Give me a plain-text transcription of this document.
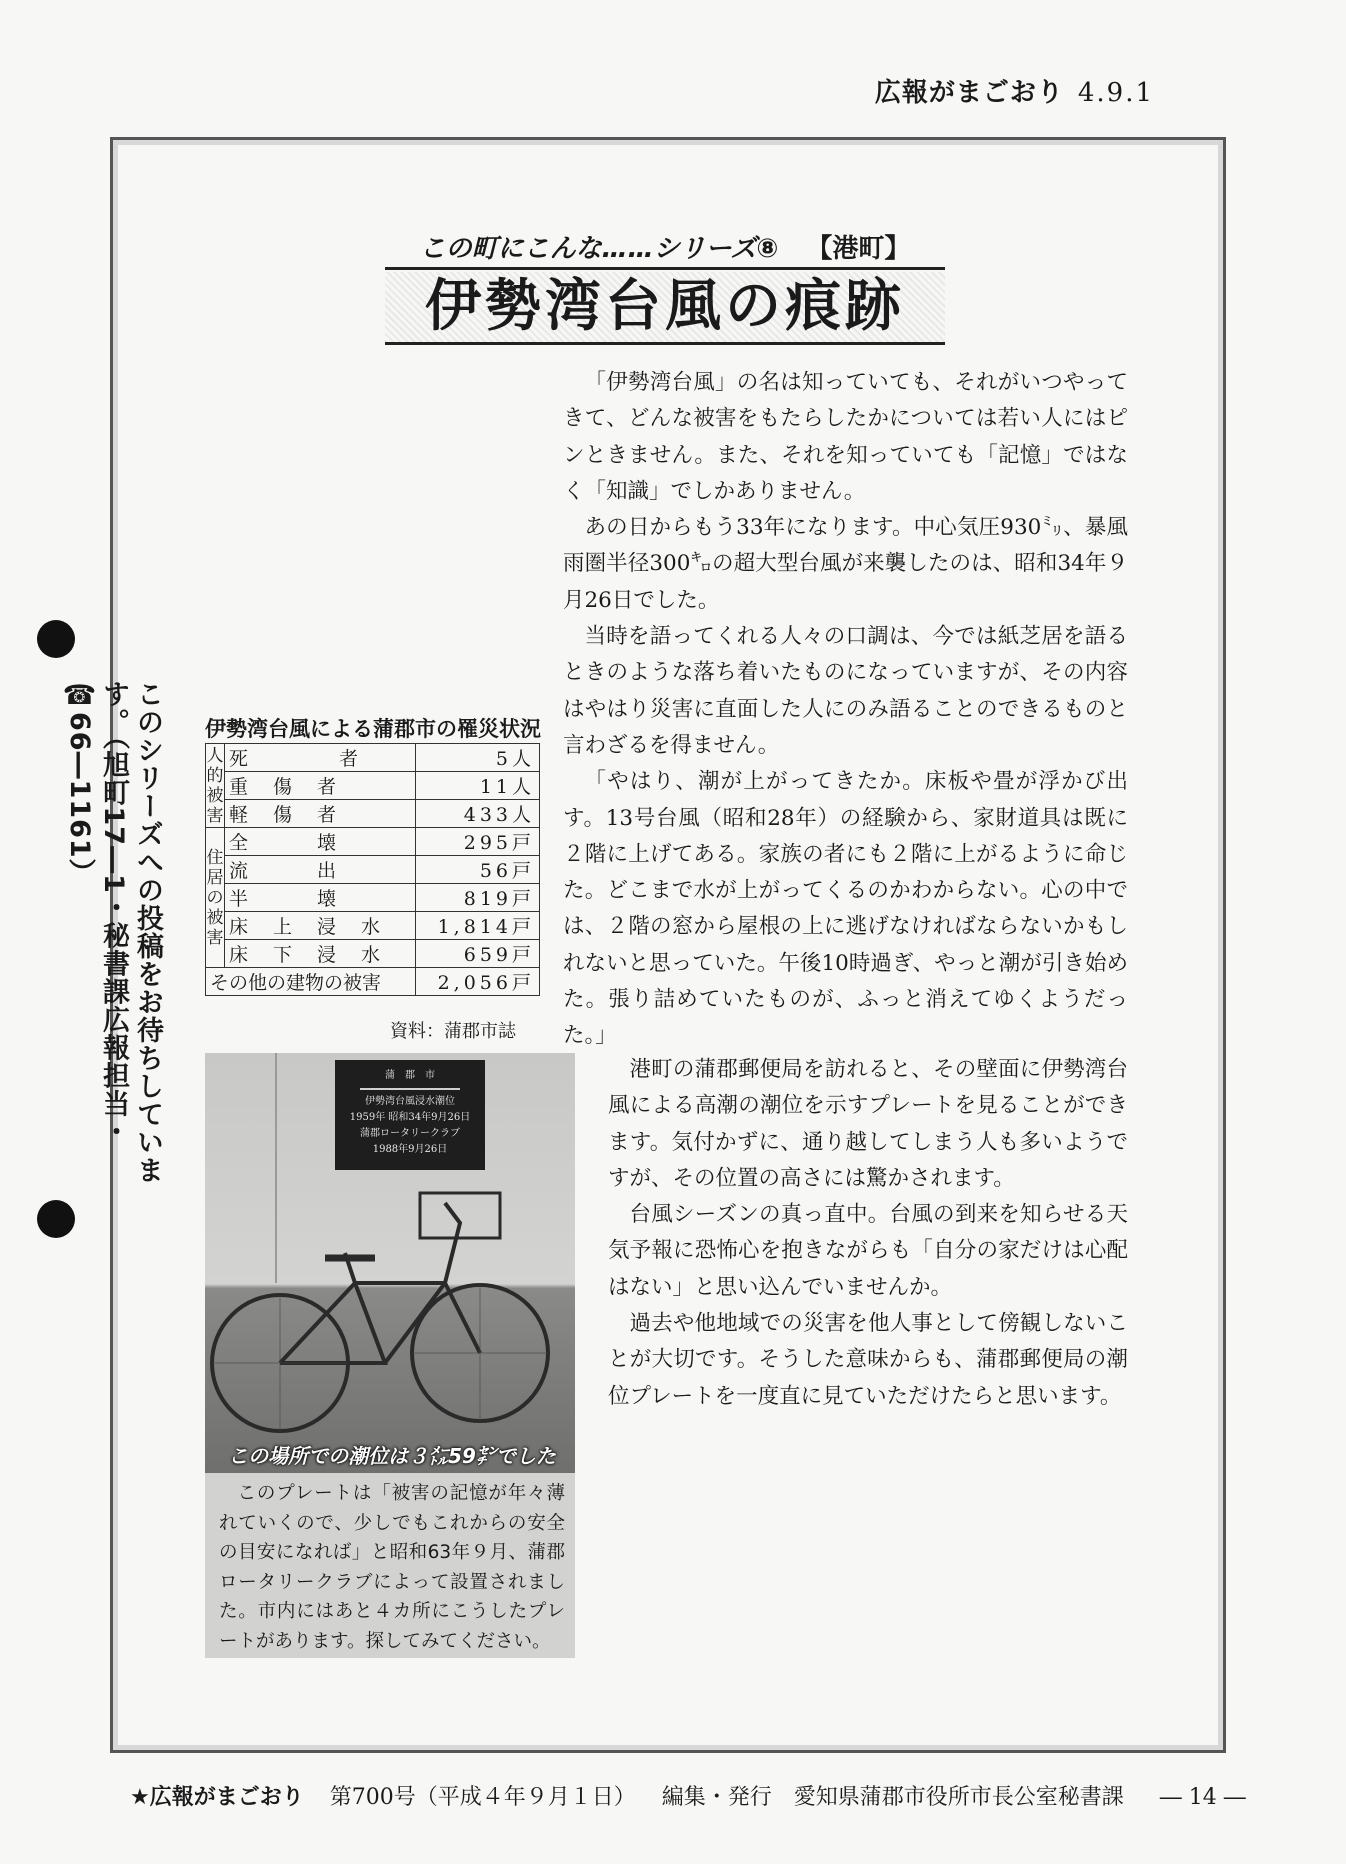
広報がまごおり 4.9.1
この町にこんな……シリーズ⑧ 【港町】
伊勢湾台風の痕跡

「伊勢湾台風」の名は知っていても、それがいつやってきて、どんな被害をもたらしたかについては若い人にはピンときません。また、それを知っていても「記憶」ではなく「知識」でしかありません。

あの日からもう33年になります。中心気圧930㍉、暴風雨圏半径300㌔の超大型台風が来襲したのは、昭和34年９月26日でした。

当時を語ってくれる人々の口調は、今では紙芝居を語るときのような落ち着いたものになっていますが、その内容はやはり災害に直面した人にのみ語ることのできるものと言わざるを得ません。

「やはり、潮が上がってきたか。床板や畳が浮かび出す。13号台風（昭和28年）の経験から、家財道具は既に２階に上げてある。家族の者にも２階に上がるように命じた。どこまで水が上がってくるのかわからない。心の中では、２階の窓から屋根の上に逃げなければならないかもしれないと思っていた。午後10時過ぎ、やっと潮が引き始めた。張り詰めていたものが、ふっと消えてゆくようだった。」

港町の蒲郡郵便局を訪れると、その壁面に伊勢湾台風による高潮の潮位を示すプレートを見ることができます。気付かずに、通り越してしまう人も多いようですが、その位置の高さには驚かされます。

台風シーズンの真っ直中。台風の到来を知らせる天気予報に恐怖心を抱きながらも「自分の家だけは心配はない」と思い込んでいませんか。

過去や他地域での災害を他人事として傍観しないことが大切です。そうした意味からも、蒲郡郵便局の潮位プレートを一度直に見ていただけたらと思います。

このシリーズへの投稿をお待ちしています。（旭町17―1・秘書課広報担当・☎66―1161）	伊勢湾台風による蒲郡市の罹災状況
人的被害	死　　　　者	5人
	重　傷　者	11人
	軽　傷　者	433人
住居の被害	全　　　壊	295戸
	流　　　出	56戸
	半　　　壊	819戸
	床　上　浸　水	1,814戸
	床　下　浸　水	659戸
その他の建物の被害		2,056戸
資料：蒲郡市誌
蒲　郡　市
伊勢湾台風浸水潮位
1959年 昭和34年9月26日
蒲郡ロータリークラブ
1988年9月26日
この場所での潮位は３㍍59㌢でした

このプレートは「被害の記憶が年々薄れていくので、少しでもこれからの安全の目安になれば」と昭和63年９月、蒲郡ロータリークラブによって設置されました。市内にはあと４カ所にこうしたプレートがあります。探してみてください。

★広報がまごおり 第700号（平成４年９月１日） 編集・発行　愛知県蒲郡市役所市長公室秘書課 ― 14 ―
